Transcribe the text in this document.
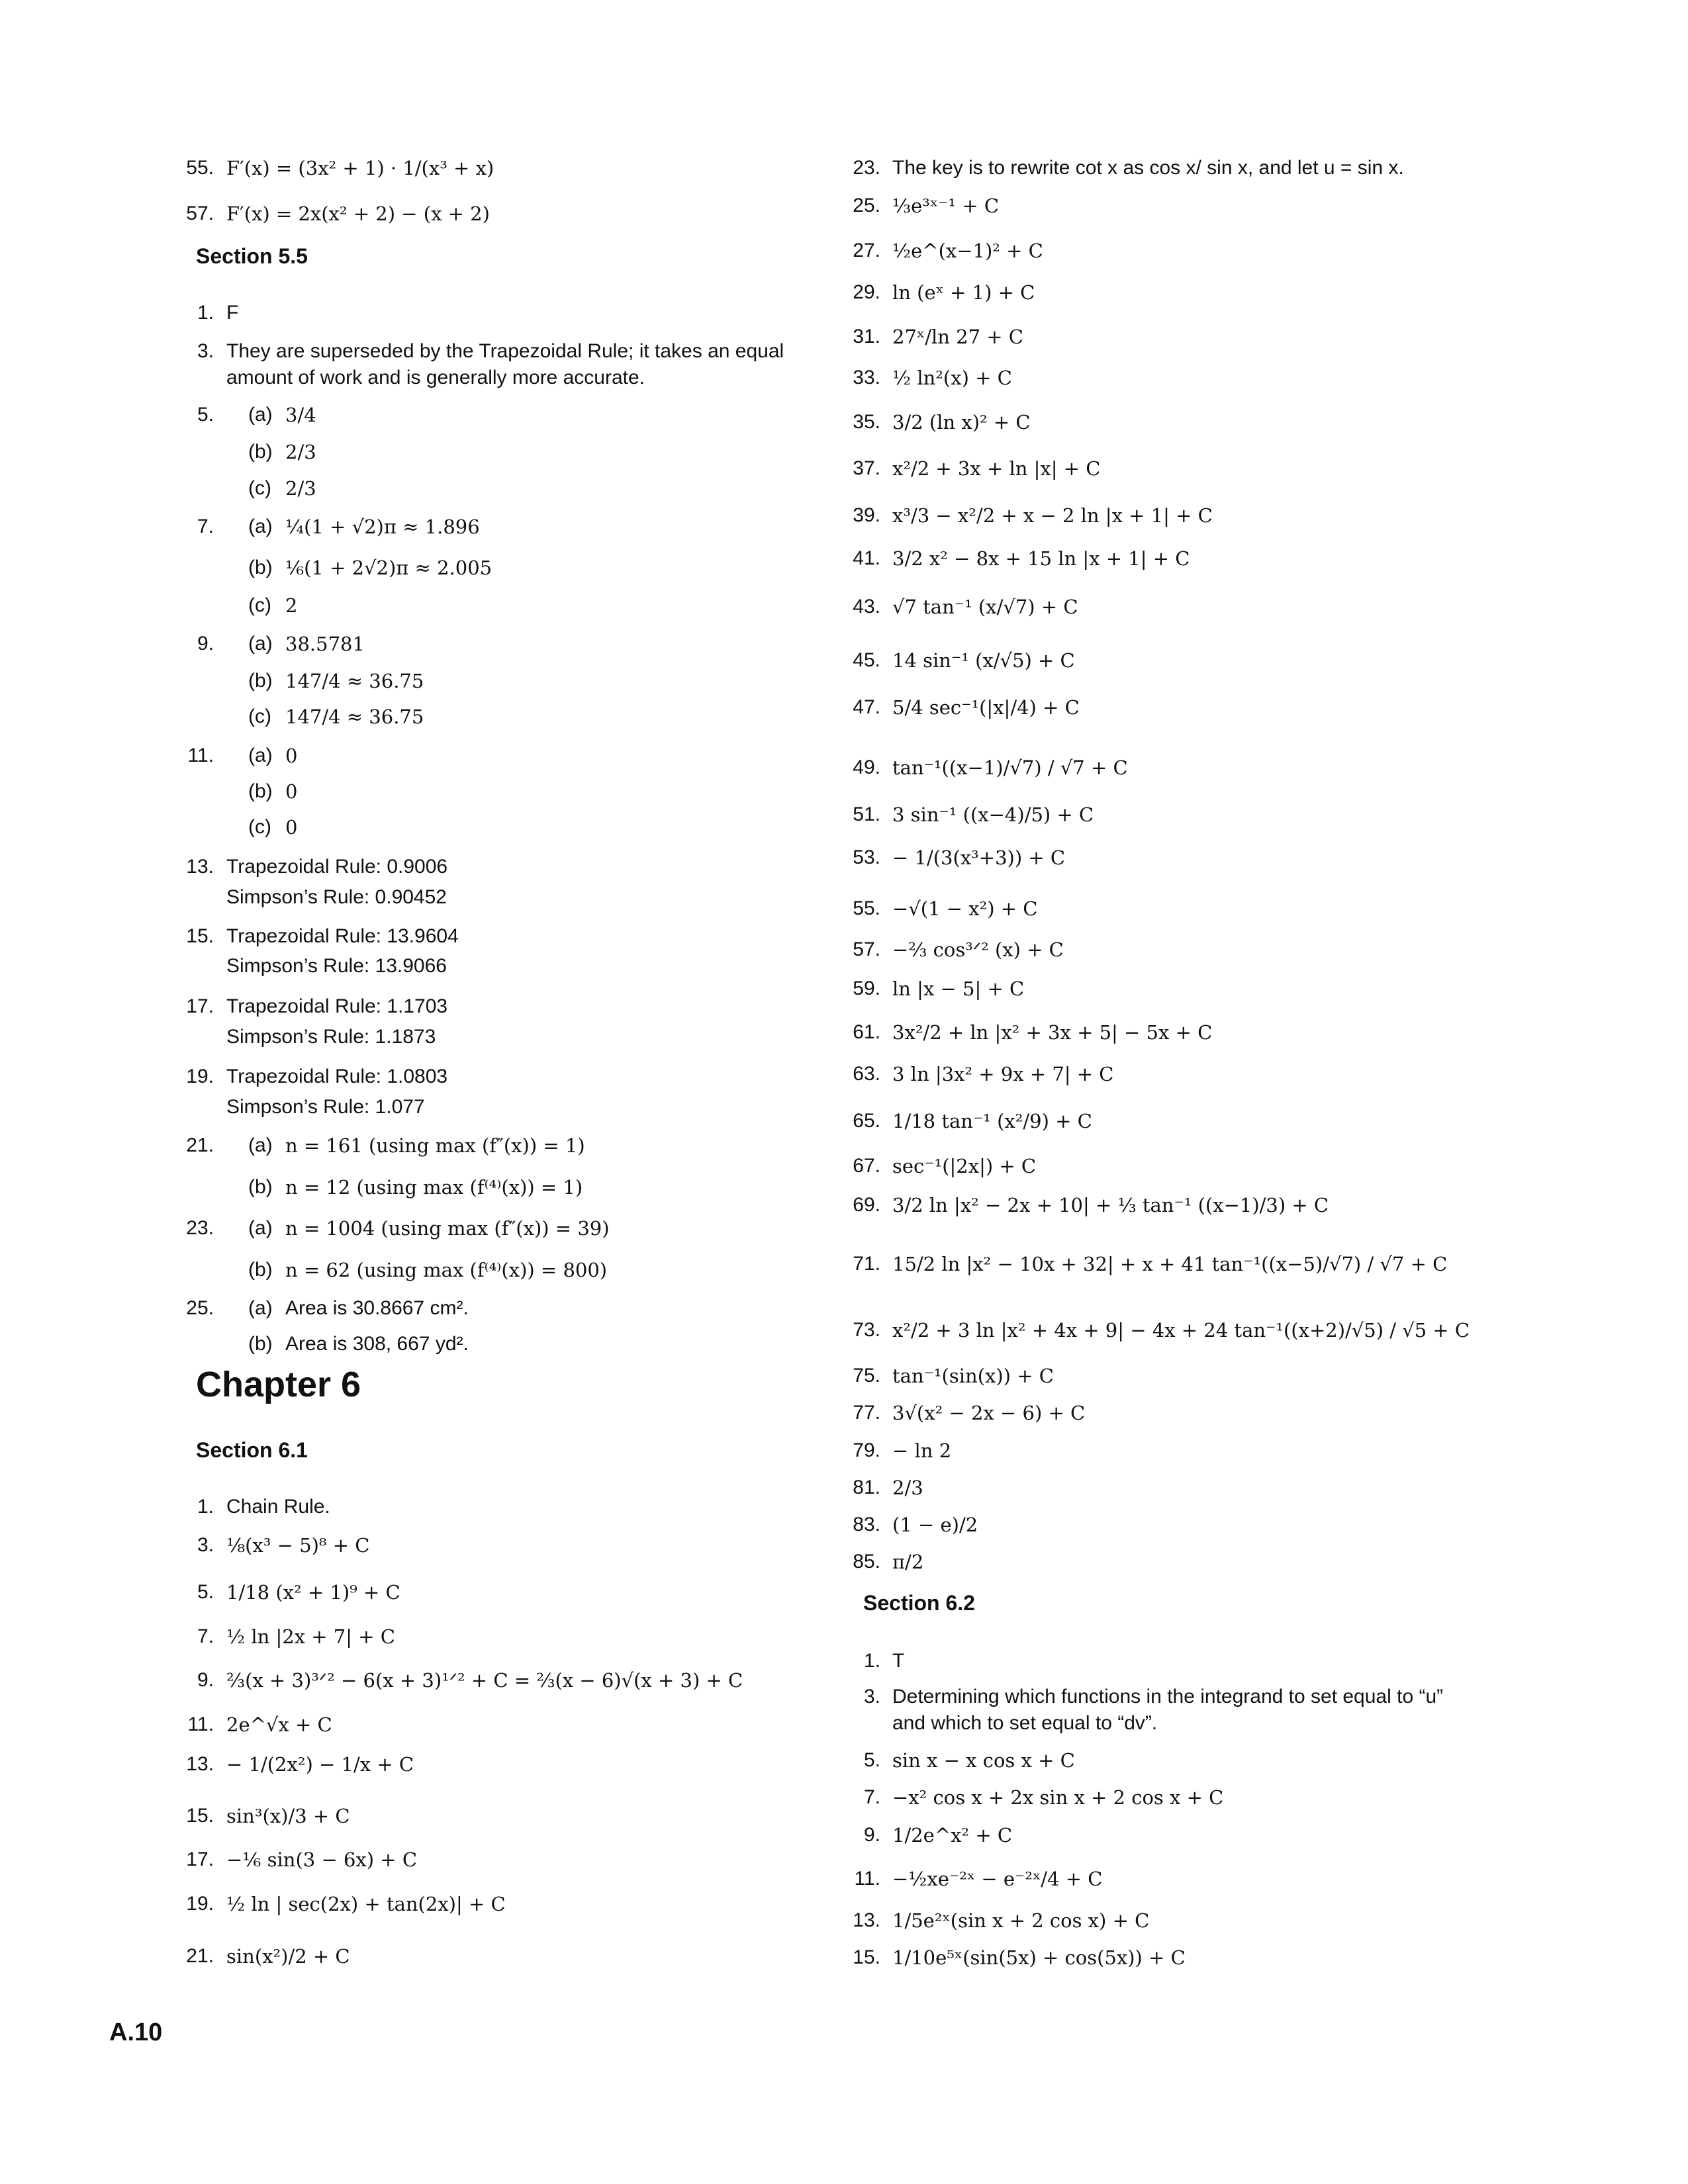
55. F′(x) = (3x² + 1) · 1/(x³ + x)
57. F′(x) = 2x(x² + 2) − (x + 2)
Section 5.5
1. F
3. They are superseded by the Trapezoidal Rule; it takes an equal
amount of work and is generally more accurate.
5. (a) 3/4
(b) 2/3
(c) 2/3
7. (a) ¼(1 + √2)π ≈ 1.896
(b) ⅙(1 + 2√2)π ≈ 2.005
(c) 2
9. (a) 38.5781
(b) 147/4 ≈ 36.75
(c) 147/4 ≈ 36.75
11. (a) 0
(b) 0
(c) 0
13. Trapezoidal Rule: 0.9006
Simpson’s Rule: 0.90452
15. Trapezoidal Rule: 13.9604
Simpson’s Rule: 13.9066
17. Trapezoidal Rule: 1.1703
Simpson’s Rule: 1.1873
19. Trapezoidal Rule: 1.0803
Simpson’s Rule: 1.077
21. (a) n = 161 (using max (f″(x)) = 1)
(b) n = 12 (using max (f⁽⁴⁾(x)) = 1)
23. (a) n = 1004 (using max (f″(x)) = 39)
(b) n = 62 (using max (f⁽⁴⁾(x)) = 800)
25. (a) Area is 30.8667 cm².
(b) Area is 308, 667 yd².
Chapter 6
Section 6.1
1. Chain Rule.
3. ⅛(x³ − 5)⁸ + C
5. 1/18 (x² + 1)⁹ + C
7. ½ ln |2x + 7| + C
9. ⅔(x + 3)³ᐟ² − 6(x + 3)¹ᐟ² + C = ⅔(x − 6)√(x + 3) + C
11. 2e^√x + C
13. − 1/(2x²) − 1/x + C
15. sin³(x)/3 + C
17. −⅙ sin(3 − 6x) + C
19. ½ ln | sec(2x) + tan(2x)| + C
21. sin(x²)/2 + C
23. The key is to rewrite cot x as cos x/ sin x, and let u = sin x.
25. ⅓e³ˣ⁻¹ + C
27. ½e^(x−1)² + C
29. ln (eˣ + 1) + C
31. 27ˣ/ln 27 + C
33. ½ ln²(x) + C
35. 3/2 (ln x)² + C
37. x²/2 + 3x + ln |x| + C
39. x³/3 − x²/2 + x − 2 ln |x + 1| + C
41. 3/2 x² − 8x + 15 ln |x + 1| + C
43. √7 tan⁻¹ (x/√7) + C
45. 14 sin⁻¹ (x/√5) + C
47. 5/4 sec⁻¹(|x|/4) + C
49. tan⁻¹((x−1)/√7) / √7 + C
51. 3 sin⁻¹ ((x−4)/5) + C
53. − 1/(3(x³+3)) + C
55. −√(1 − x²) + C
57. −⅔ cos³ᐟ² (x) + C
59. ln |x − 5| + C
61. 3x²/2 + ln |x² + 3x + 5| − 5x + C
63. 3 ln |3x² + 9x + 7| + C
65. 1/18 tan⁻¹ (x²/9) + C
67. sec⁻¹(|2x|) + C
69. 3/2 ln |x² − 2x + 10| + ⅓ tan⁻¹ ((x−1)/3) + C
71. 15/2 ln |x² − 10x + 32| + x + 41 tan⁻¹((x−5)/√7) / √7 + C
73. x²/2 + 3 ln |x² + 4x + 9| − 4x + 24 tan⁻¹((x+2)/√5) / √5 + C
75. tan⁻¹(sin(x)) + C
77. 3√(x² − 2x − 6) + C
79. − ln 2
81. 2/3
83. (1 − e)/2
85. π/2
Section 6.2
1. T
3. Determining which functions in the integrand to set equal to “u”
and which to set equal to “dv”.
5. sin x − x cos x + C
7. −x² cos x + 2x sin x + 2 cos x + C
9. 1/2e^x² + C
11. −½xe⁻²ˣ − e⁻²ˣ/4 + C
13. 1/5e²ˣ(sin x + 2 cos x) + C
15. 1/10e⁵ˣ(sin(5x) + cos(5x)) + C
A.10
